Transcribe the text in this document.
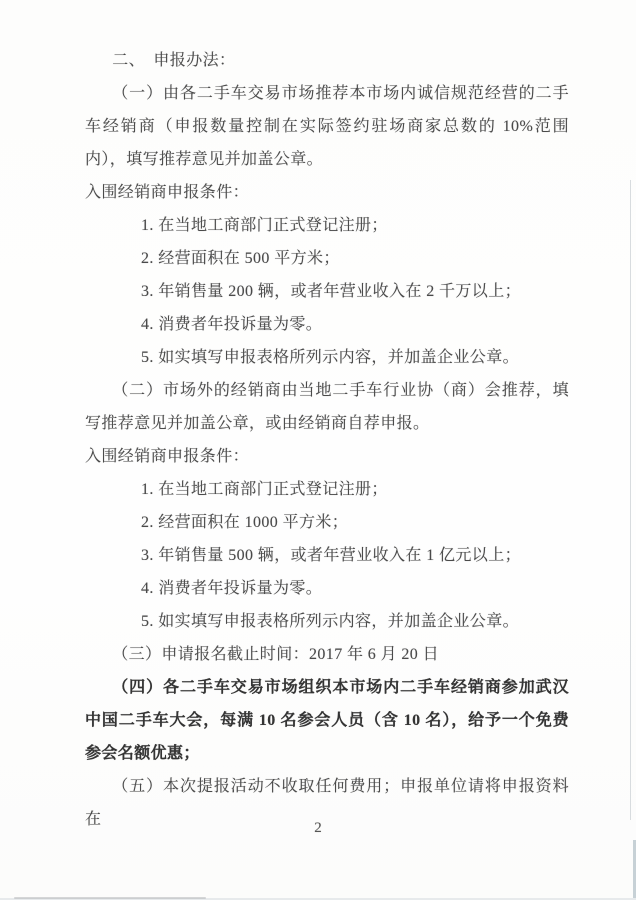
二、　申报办法：

（一）由各二手车交易市场推荐本市场内诚信规范经营的二手车经销商（申报数量控制在实际签约驻场商家总数的 10%范围内），填写推荐意见并加盖公章。

入围经销商申报条件：

1. 在当地工商部门正式登记注册；

2. 经营面积在 500 平方米；

3. 年销售量 200 辆，或者年营业收入在 2 千万以上；

4. 消费者年投诉量为零。

5. 如实填写申报表格所列示内容，并加盖企业公章。

（二）市场外的经销商由当地二手车行业协（商）会推荐，填写推荐意见并加盖公章，或由经销商自荐申报。

入围经销商申报条件：

1. 在当地工商部门正式登记注册；

2. 经营面积在 1000 平方米；

3. 年销售量 500 辆，或者年营业收入在 1 亿元以上；

4. 消费者年投诉量为零。

5. 如实填写申报表格所列示内容，并加盖企业公章。

（三）申请报名截止时间：2017 年 6 月 20 日

（四）各二手车交易市场组织本市场内二手车经销商参加武汉中国二手车大会，每满 10 名参会人员（含 10 名），给予一个免费参会名额优惠；

（五）本次提报活动不收取任何费用；申报单位请将申报资料在	2
